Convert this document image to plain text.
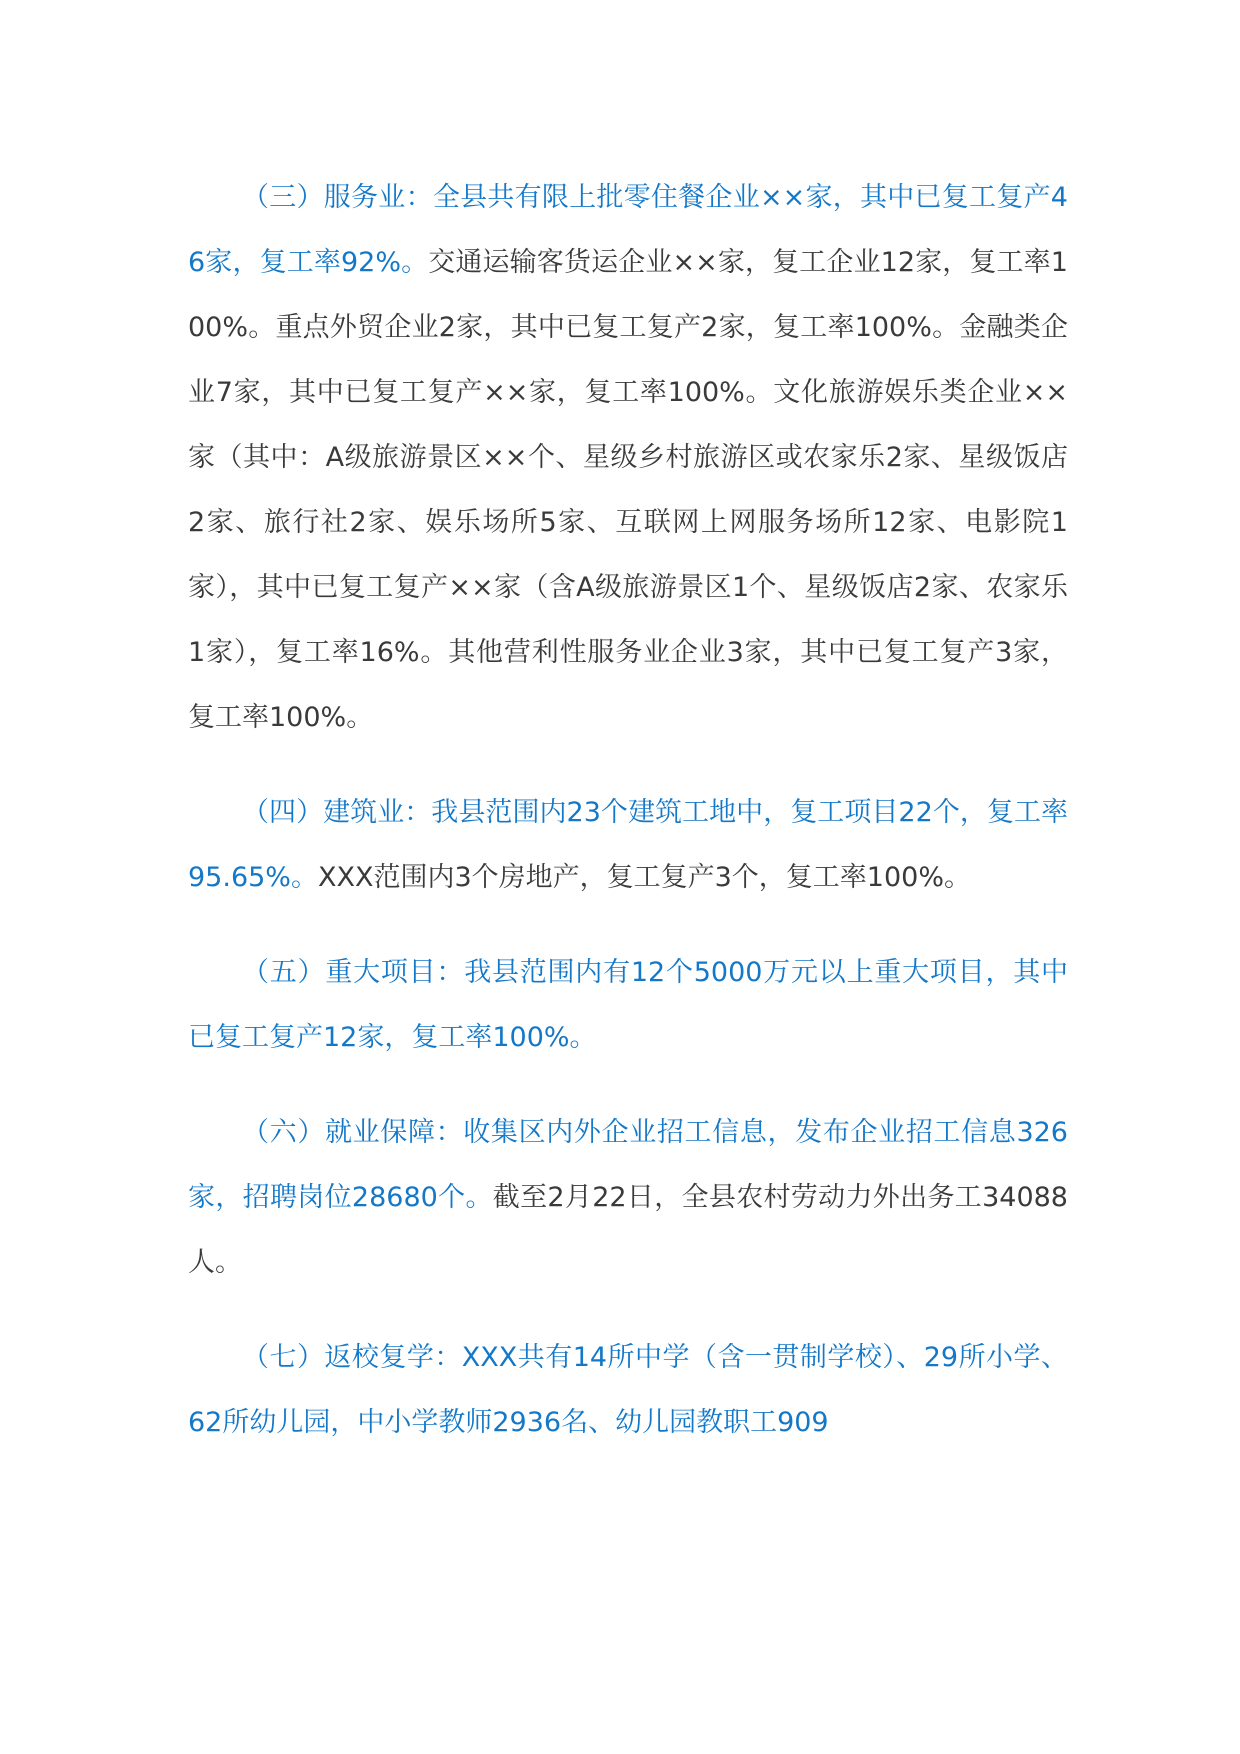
（三）服务业：全县共有限上批零住餐企业××家，其中已复工复产46家，复工率92%。交通运输客货运企业××家，复工企业12家，复工率100%。重点外贸企业2家，其中已复工复产2家，复工率100%。金融类企业7家，其中已复工复产××家，复工率100%。文化旅游娱乐类企业××家（其中：A级旅游景区××个、星级乡村旅游区或农家乐2家、星级饭店2家、旅行社2家、娱乐场所5家、互联网上网服务场所12家、电影院1家），其中已复工复产××家（含A级旅游景区1个、星级饭店2家、农家乐1家），复工率16%。其他营利性服务业企业3家，其中已复工复产3家，复工率100%。

（四）建筑业：我县范围内23个建筑工地中，复工项目22个，复工率95.65%。XXX范围内3个房地产，复工复产3个，复工率100%。

（五）重大项目：我县范围内有12个5000万元以上重大项目，其中已复工复产12家，复工率100%。

（六）就业保障：收集区内外企业招工信息，发布企业招工信息326家，招聘岗位28680个。截至2月22日，全县农村劳动力外出务工34088人。

（七）返校复学：XXX共有14所中学（含一贯制学校）、29所小学、62所幼儿园，中小学教师2936名、幼儿园教职工909
